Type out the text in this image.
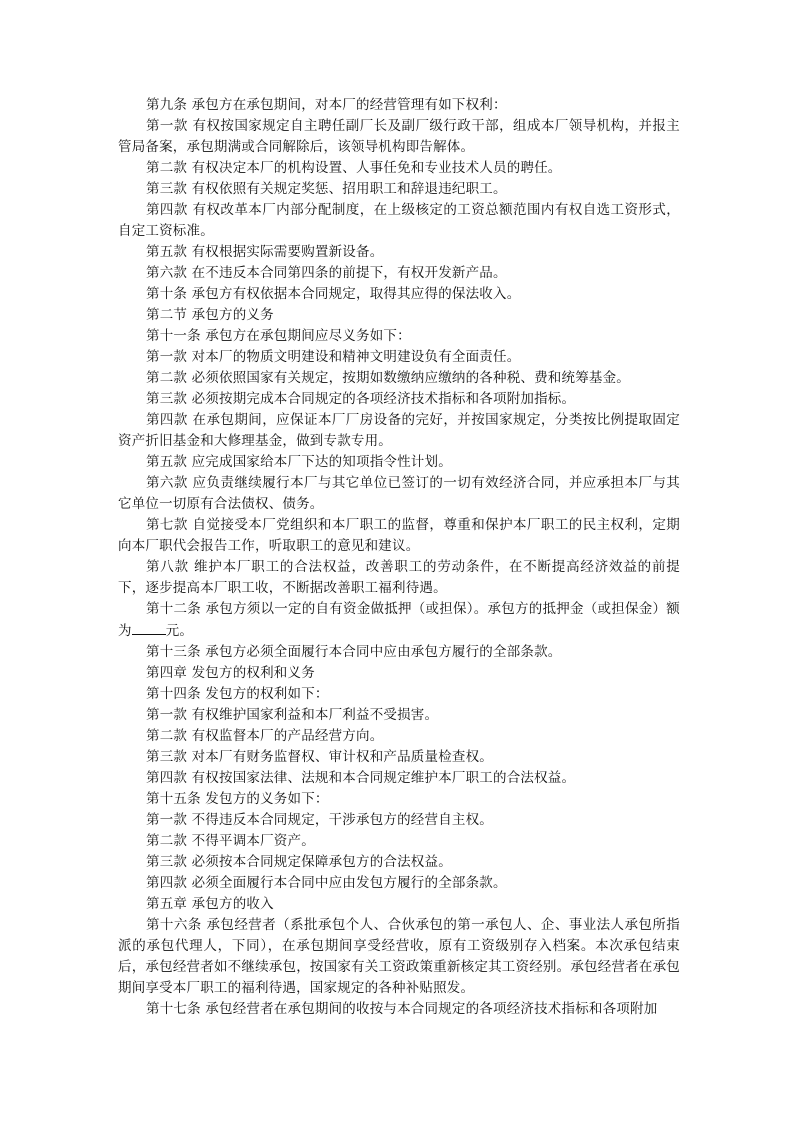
第九条 承包方在承包期间，对本厂的经营管理有如下权利：

第一款 有权按国家规定自主聘任副厂长及副厂级行政干部，组成本厂领导机构，并报主管局备案，承包期满或合同解除后，该领导机构即告解体。

第二款 有权决定本厂的机构设置、人事任免和专业技术人员的聘任。

第三款 有权依照有关规定奖惩、招用职工和辞退违纪职工。

第四款 有权改革本厂内部分配制度，在上级核定的工资总额范围内有权自选工资形式，自定工资标准。

第五款 有权根据实际需要购置新设备。

第六款 在不违反本合同第四条的前提下，有权开发新产品。

第十条 承包方有权依据本合同规定，取得其应得的保法收入。

第二节 承包方的义务

第十一条 承包方在承包期间应尽义务如下：

第一款 对本厂的物质文明建设和精神文明建设负有全面责任。

第二款 必须依照国家有关规定，按期如数缴纳应缴纳的各种税、费和统筹基金。

第三款 必须按期完成本合同规定的各项经济技术指标和各项附加指标。

第四款 在承包期间，应保证本厂厂房设备的完好，并按国家规定，分类按比例提取固定资产折旧基金和大修理基金，做到专款专用。

第五款 应完成国家给本厂下达的知项指令性计划。

第六款 应负责继续履行本厂与其它单位已签订的一切有效经济合同，并应承担本厂与其它单位一切原有合法债权、债务。

第七款 自觉接受本厂党组织和本厂职工的监督，尊重和保护本厂职工的民主权利，定期向本厂职代会报告工作，听取职工的意见和建议。

第八款 维护本厂职工的合法权益，改善职工的劳动条件，在不断提高经济效益的前提下，逐步提高本厂职工收，不断据改善职工福利待遇。

第十二条 承包方须以一定的自有资金做抵押（或担保）。承包方的抵押金（或担保金）额为	元。

第十三条 承包方必须全面履行本合同中应由承包方履行的全部条款。

第四章 发包方的权利和义务

第十四条 发包方的权利如下：

第一款 有权维护国家利益和本厂利益不受损害。

第二款 有权监督本厂的产品经营方向。

第三款 对本厂有财务监督权、审计权和产品质量检查权。

第四款 有权按国家法律、法规和本合同规定维护本厂职工的合法权益。

第十五条 发包方的义务如下：

第一款 不得违反本合同规定，干涉承包方的经营自主权。

第二款 不得平调本厂资产。

第三款 必须按本合同规定保障承包方的合法权益。

第四款 必须全面履行本合同中应由发包方履行的全部条款。

第五章 承包方的收入

第十六条 承包经营者（系批承包个人、合伙承包的第一承包人、企、事业法人承包所指派的承包代理人，下同），在承包期间享受经营收，原有工资级别存入档案。本次承包结束后，承包经营者如不继续承包，按国家有关工资政策重新核定其工资经别。承包经营者在承包期间享受本厂职工的福利待遇，国家规定的各种补贴照发。

第十七条 承包经营者在承包期间的收按与本合同规定的各项经济技术指标和各项附加
